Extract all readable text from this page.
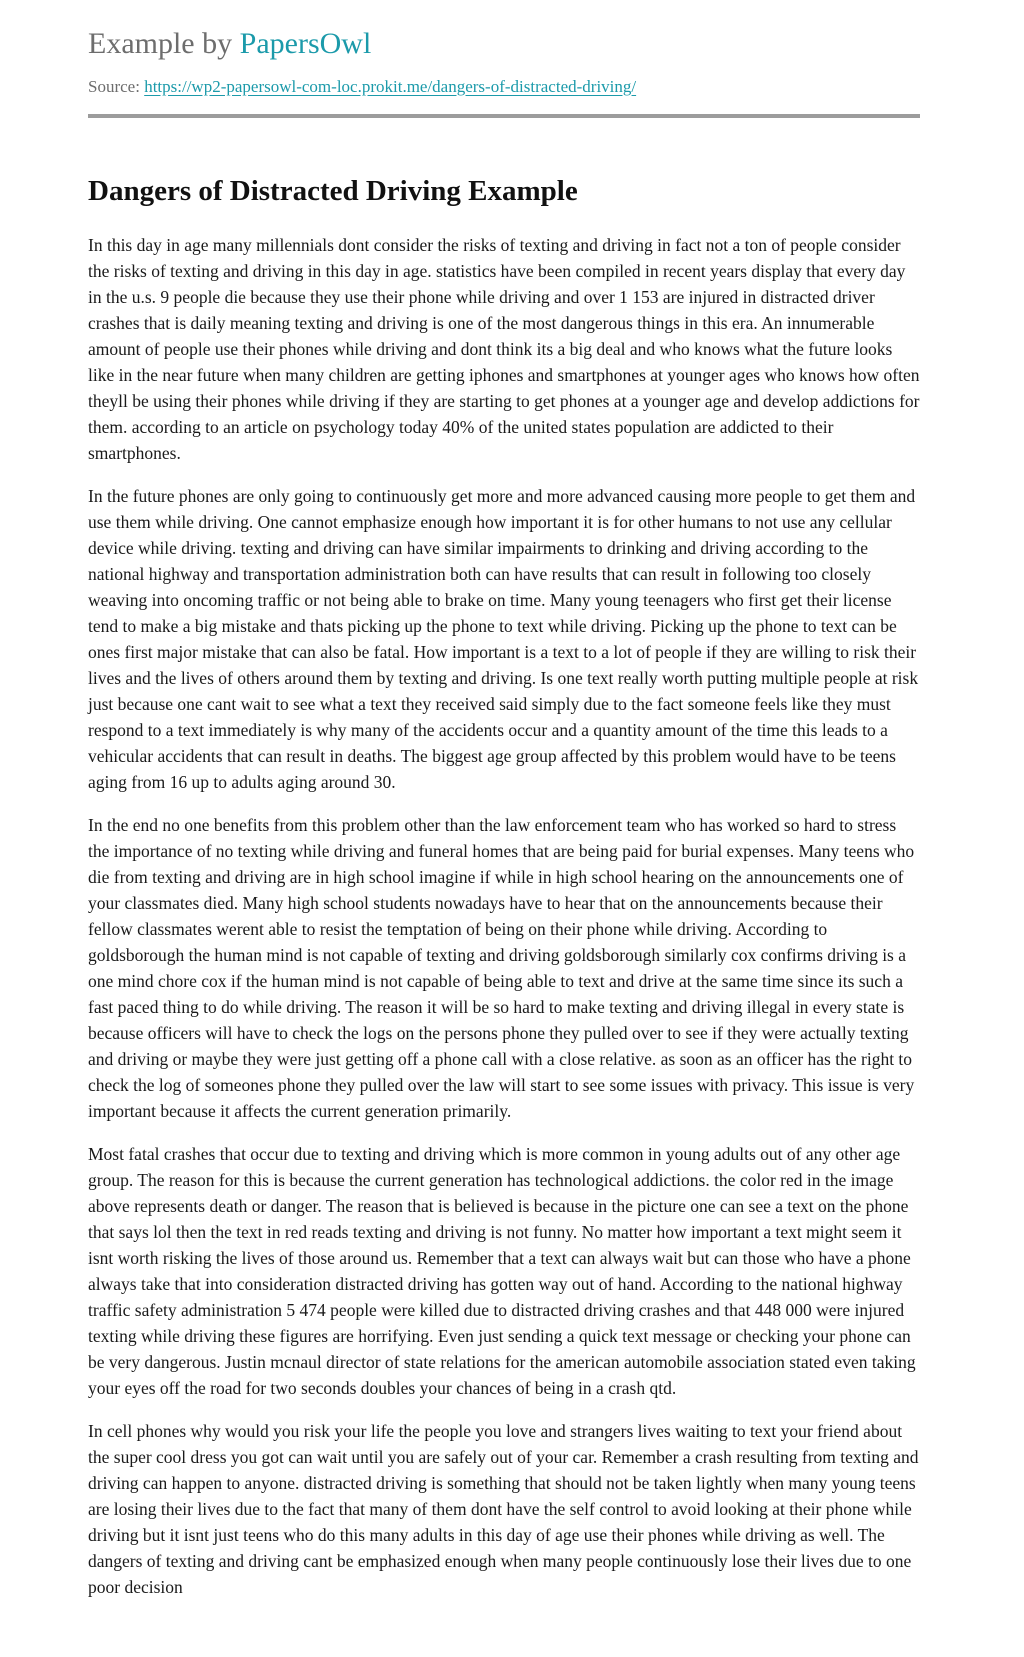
Example by PapersOwl
Source: https://wp2-papersowl-com-loc.prokit.me/dangers-of-distracted-driving/
Dangers of Distracted Driving Example

In this day in age many millennials dont consider the risks of texting and driving in fact not a ton of people consider the risks of texting and driving in this day in age. statistics have been compiled in recent years display that every day in the u.s. 9 people die because they use their phone while driving and over 1 153 are injured in distracted driver crashes that is daily meaning texting and driving is one of the most dangerous things in this era. An innumerable amount of people use their phones while driving and dont think its a big deal and who knows what the future looks like in the near future when many children are getting iphones and smartphones at younger ages who knows how often theyll be using their phones while driving if they are starting to get phones at a younger age and develop addictions for them. according to an article on psychology today 40% of the united states population are addicted to their smartphones.

In the future phones are only going to continuously get more and more advanced causing more people to get them and use them while driving. One cannot emphasize enough how important it is for other humans to not use any cellular device while driving. texting and driving can have similar impairments to drinking and driving according to the national highway and transportation administration both can have results that can result in following too closely weaving into oncoming traffic or not being able to brake on time. Many young teenagers who first get their license tend to make a big mistake and thats picking up the phone to text while driving. Picking up the phone to text can be ones first major mistake that can also be fatal. How important is a text to a lot of people if they are willing to risk their lives and the lives of others around them by texting and driving. Is one text really worth putting multiple people at risk just because one cant wait to see what a text they received said simply due to the fact someone feels like they must respond to a text immediately is why many of the accidents occur and a quantity amount of the time this leads to a vehicular accidents that can result in deaths. The biggest age group affected by this problem would have to be teens aging from 16 up to adults aging around 30.

In the end no one benefits from this problem other than the law enforcement team who has worked so hard to stress the importance of no texting while driving and funeral homes that are being paid for burial expenses. Many teens who die from texting and driving are in high school imagine if while in high school hearing on the announcements one of your classmates died. Many high school students nowadays have to hear that on the announcements because their fellow classmates werent able to resist the temptation of being on their phone while driving. According to goldsborough the human mind is not capable of texting and driving goldsborough similarly cox confirms driving is a one mind chore cox if the human mind is not capable of being able to text and drive at the same time since its such a fast paced thing to do while driving. The reason it will be so hard to make texting and driving illegal in every state is because officers will have to check the logs on the persons phone they pulled over to see if they were actually texting and driving or maybe they were just getting off a phone call with a close relative. as soon as an officer has the right to check the log of someones phone they pulled over the law will start to see some issues with privacy. This issue is very important because it affects the current generation primarily.

Most fatal crashes that occur due to texting and driving which is more common in young adults out of any other age group. The reason for this is because the current generation has technological addictions. the color red in the image above represents death or danger. The reason that is believed is because in the picture one can see a text on the phone that says lol then the text in red reads texting and driving is not funny. No matter how important a text might seem it isnt worth risking the lives of those around us. Remember that a text can always wait but can those who have a phone always take that into consideration distracted driving has gotten way out of hand. According to the national highway traffic safety administration 5 474 people were killed due to distracted driving crashes and that 448 000 were injured texting while driving these figures are horrifying. Even just sending a quick text message or checking your phone can be very dangerous. Justin mcnaul director of state relations for the american automobile association stated even taking your eyes off the road for two seconds doubles your chances of being in a crash qtd.

In cell phones why would you risk your life the people you love and strangers lives waiting to text your friend about the super cool dress you got can wait until you are safely out of your car. Remember a crash resulting from texting and driving can happen to anyone. distracted driving is something that should not be taken lightly when many young teens are losing their lives due to the fact that many of them dont have the self control to avoid looking at their phone while driving but it isnt just teens who do this many adults in this day of age use their phones while driving as well. The dangers of texting and driving cant be emphasized enough when many people continuously lose their lives due to one poor decision
